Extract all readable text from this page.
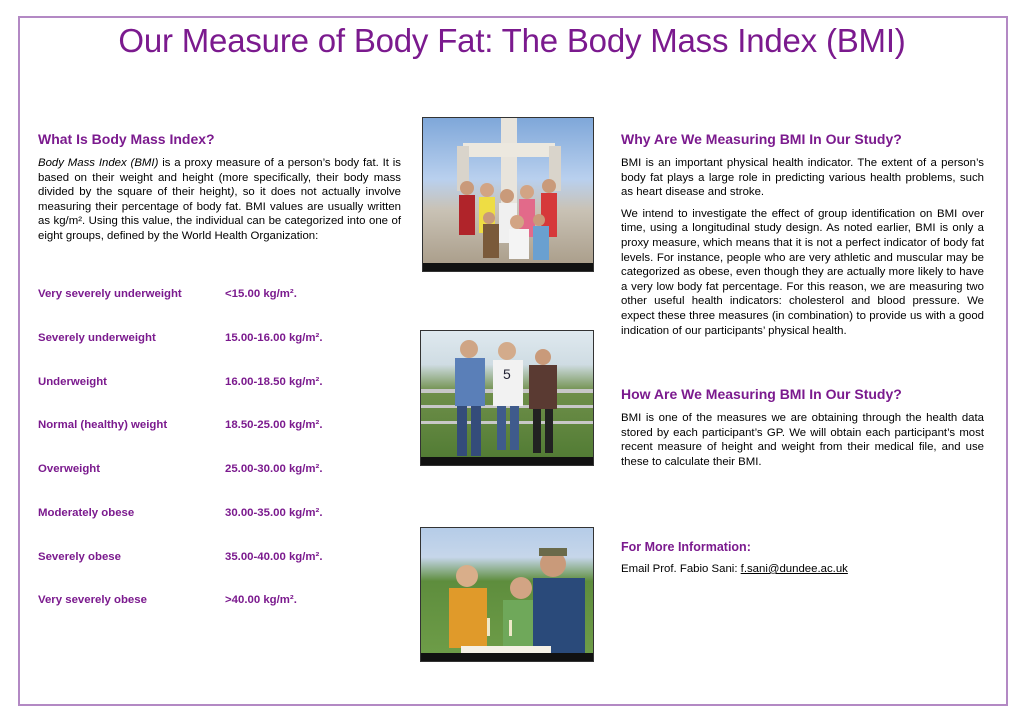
Our Measure of Body Fat: The Body Mass Index (BMI)
What Is Body Mass Index?

Body Mass Index (BMI) is a proxy measure of a person’s body fat. It is based on their weight and height (more specifically, their body mass divided by the square of their height), so it does not actually involve measuring their percentage of body fat. BMI values are usually written as kg/m². Using this value, the individual can be categorized into one of eight groups, defined by the World Health Organization:

Very severely underweight	<15.00 kg/m².
Severely underweight	15.00-16.00 kg/m².
Underweight	16.00-18.50 kg/m².
Normal (healthy) weight	18.50-25.00 kg/m².
Overweight	25.00-30.00 kg/m².
Moderately obese	30.00-35.00 kg/m².
Severely obese	35.00-40.00 kg/m².
Very severely obese	>40.00 kg/m².
5
Why Are We Measuring BMI In Our Study?

BMI is an important physical health indicator. The extent of a person’s body fat plays a large role in predicting various health problems, such as heart disease and stroke.

We intend to investigate the effect of group identification on BMI over time, using a longitudinal study design. As noted earlier, BMI is only a proxy measure, which means that it is not a perfect indicator of body fat levels. For instance, people who are very athletic and muscular may be categorized as obese, even though they are actually more likely to have a very low body fat percentage. For this reason, we are measuring two other useful health indicators: cholesterol and blood pressure. We expect these three measures (in combination) to provide us with a good indication of our participants’ physical health.

How Are We Measuring BMI In Our Study?

BMI is one of the measures we are obtaining through the health data stored by each participant’s GP. We will obtain each participant’s most recent measure of height and weight from their medical file, and use these to calculate their BMI.

For More Information:

Email Prof. Fabio Sani: f.sani@dundee.ac.uk
